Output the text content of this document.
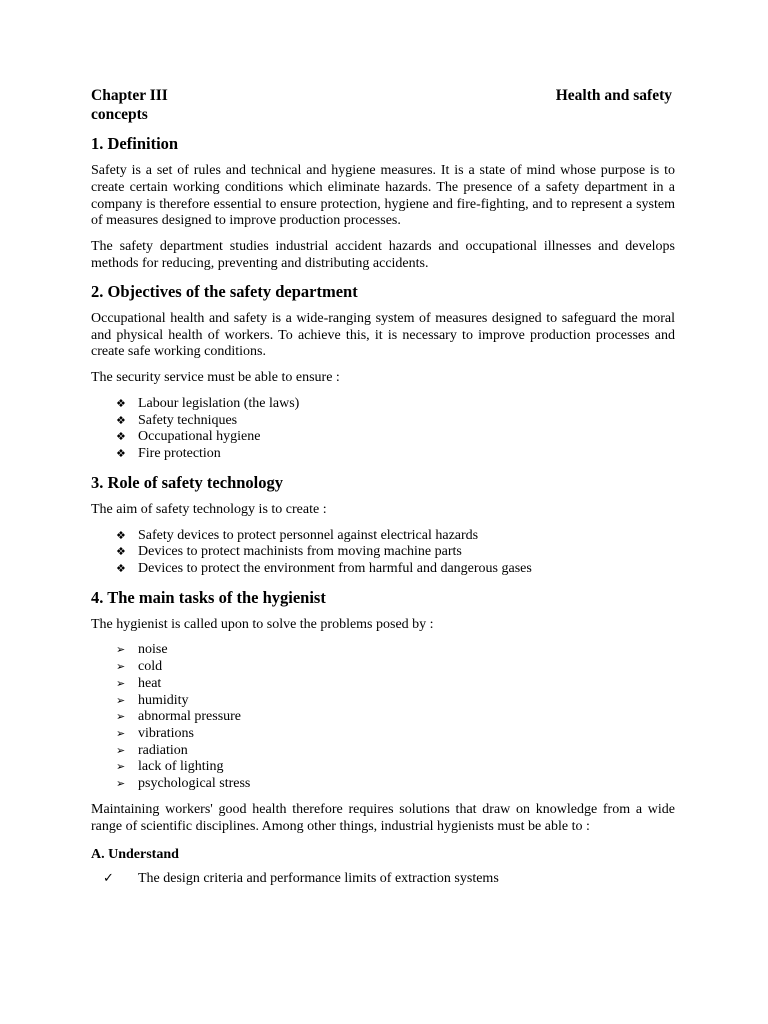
Chapter III	Health and safety
concepts
1. Definition

Safety is a set of rules and technical and hygiene measures. It is a state of mind whose purpose is to create certain working conditions which eliminate hazards. The presence of a safety department in a company is therefore essential to ensure protection, hygiene and fire-fighting, and to represent a system of measures designed to improve production processes.

The safety department studies industrial accident hazards and occupational illnesses and develops methods for reducing, preventing and distributing accidents.

2. Objectives of the safety department

Occupational health and safety is a wide-ranging system of measures designed to safeguard the moral and physical health of workers. To achieve this, it is necessary to improve production processes and create safe working conditions.

The security service must be able to ensure :

❖ Labour legislation (the laws)
❖ Safety techniques
❖ Occupational hygiene
❖ Fire protection
3. Role of safety technology

The aim of safety technology is to create :

❖ Safety devices to protect personnel against electrical hazards
❖ Devices to protect machinists from moving machine parts
❖ Devices to protect the environment from harmful and dangerous gases
4. The main tasks of the hygienist

The hygienist is called upon to solve the problems posed by :

➢ noise
➢ cold
➢ heat
➢ humidity
➢ abnormal pressure
➢ vibrations
➢ radiation
➢ lack of lighting
➢ psychological stress

Maintaining workers' good health therefore requires solutions that draw on knowledge from a wide range of scientific disciplines. Among other things, industrial hygienists must be able to :

A. Understand
✓	The design criteria and performance limits of extraction systems
